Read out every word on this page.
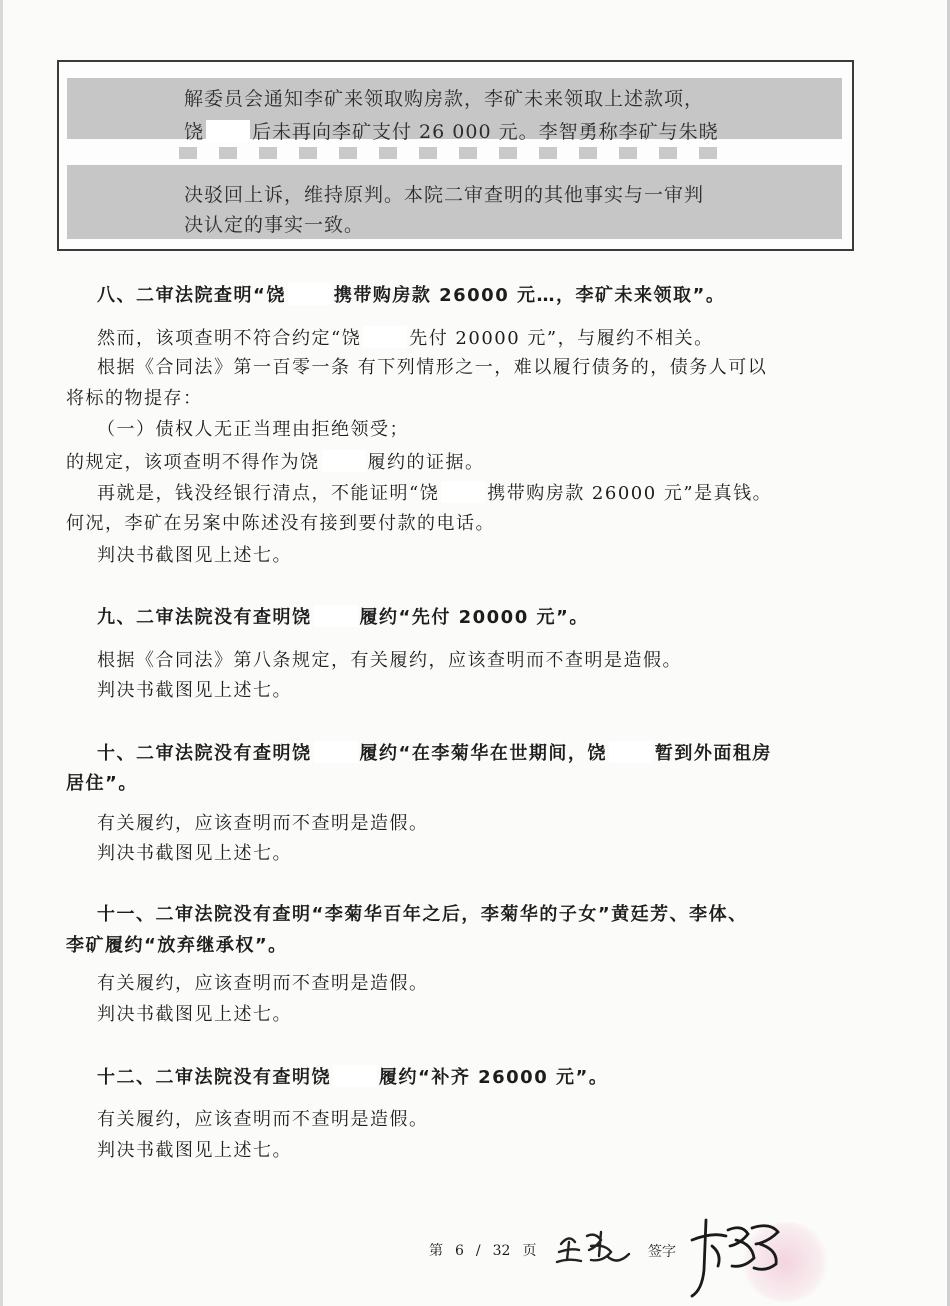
解委员会通知李矿来领取购房款，李矿未来领取上述款项，
饶	后未再向李矿支付 26 000 元。李智勇称李矿与朱晓
决驳回上诉，维持原判。本院二审查明的其他事实与一审判
决认定的事实一致。
八、二审法院查明“饶	携带购房款 26000 元…，李矿未来领取”。
然而，该项查明不符合约定“饶	先付 20000 元”，与履约不相关。
根据《合同法》第一百零一条 有下列情形之一，难以履行债务的，债务人可以
将标的物提存：
（一）债权人无正当理由拒绝领受；
的规定，该项查明不得作为饶	履约的证据。
再就是，钱没经银行清点，不能证明“饶	携带购房款 26000 元”是真钱。
何况，李矿在另案中陈述没有接到要付款的电话。
判决书截图见上述七。
九、二审法院没有查明饶	履约“先付 20000 元”。
根据《合同法》第八条规定，有关履约，应该查明而不查明是造假。
判决书截图见上述七。
十、二审法院没有查明饶	履约“在李菊华在世期间，饶	暂到外面租房
居住”。
有关履约，应该查明而不查明是造假。
判决书截图见上述七。
十一、二审法院没有查明“李菊华百年之后，李菊华的子女”黄廷芳、李体、
李矿履约“放弃继承权”。
有关履约，应该查明而不查明是造假。
判决书截图见上述七。
十二、二审法院没有查明饶	履约“补齐 26000 元”。
有关履约，应该查明而不查明是造假。
判决书截图见上述七。
第 6 / 32 页	签字
